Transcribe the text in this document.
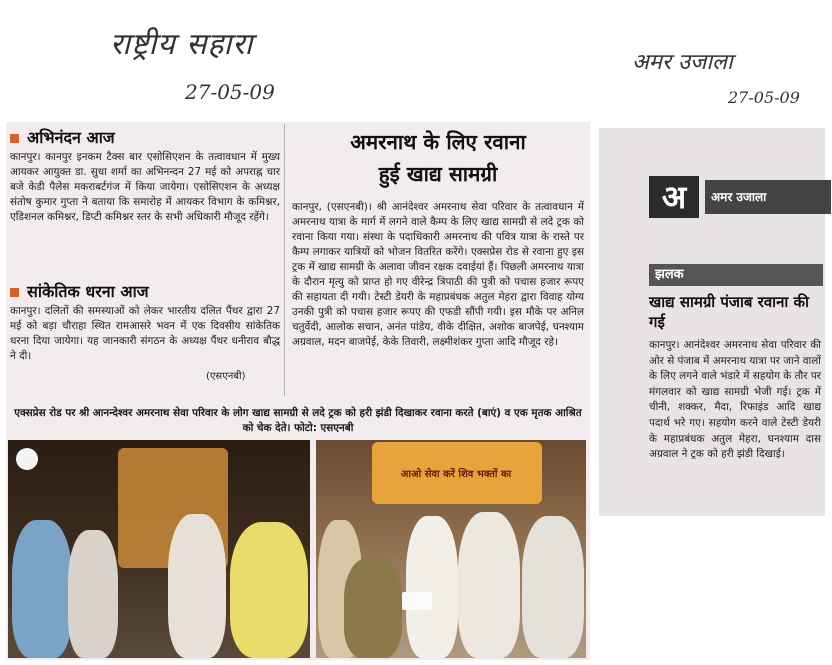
राष्ट्रीय सहारा
27-05-09
अमर उजाला
27-05-09
अभिनंदन आज
कानपुर। कानपुर इनकम टैक्स बार एसोसिएशन के तत्वावधान में मुख्य आयकर आयुक्त डा. सुधा शर्मा का अभिनन्दन 27 मई को अपराह्न चार बजे केडी पैलेस मकराबर्टगंज में किया जायेगा। एसोसिएशन के अध्यक्ष संतोष कुमार गुप्ता ने बताया कि समारोह में आयकर विभाग के कमिश्नर, एडिशनल कमिश्नर, डिप्टी कमिश्नर स्तर के सभी अधिकारी मौजूद रहेंगे।
सांकेतिक धरना आज
कानपुर। दलितों की समस्याओं को लेकर भारतीय दलित पैंथर द्वारा 27 मई को बड़ा चौराहा स्थित रामआसरे भवन में एक दिवसीय सांकेतिक धरना दिया जायेगा। यह जानकारी संगठन के अध्यक्ष पैंथर धनीराव बौद्ध ने दी।
(एसएनबी)
अमरनाथ के लिए रवाना
हुई खाद्य सामग्री
कानपुर, (एसएनबी)। श्री आनंदेश्वर अमरनाथ सेवा परिवार के तत्वावधान में अमरनाथ यात्रा के मार्ग में लगने वाले कैम्प के लिए खाद्य सामग्री से लदे ट्रक को रवाना किया गया। संस्था के पदाधिकारी अमरनाथ की पवित्र यात्रा के रास्ते पर कैम्प लगाकर यात्रियों को भोजन वितरित करेंगे। एक्सप्रेस रोड से रवाना हुए इस ट्रक में खाद्य सामग्री के अलावा जीवन रक्षक दवाईयां हैं। पिछली अमरनाथ यात्रा के दौरान मृत्यु को प्राप्त हो गए वीरेन्द्र त्रिपाठी की पुत्री को पचास हजार रूपए की सहायता दी गयी। टेस्टी डेयरी के महाप्रबंधक अतुल मेहरा द्वारा विवाह योग्य उनकी पुत्री को पचास हजार रूपए की एफडी सौंपी गयी। इस मौके पर अनिल चतुर्वेदी, आलोक सचान, अनंत पांडेय, वीके दीक्षित, अशोक बाजपेई, घनश्याम अग्रवाल, मदन बाजपेई, केके तिवारी, लक्ष्मीशंकर गुप्ता आदि मौजूद रहे।
एक्सप्रेस रोड पर श्री आनन्देश्वर अमरनाथ सेवा परिवार के लोग खाद्य सामग्री से लदे ट्रक को हरी झंडी दिखाकर रवाना करते (बाएं) व एक मृतक आश्रित को चेक देते। फोटो: एसएनबी
आओ सेवा करें शिव भक्तों का
अ	अमर उजाला
झलक
खाद्य सामग्री पंजाब रवाना की गई
कानपुर। आनंदेश्वर अमरनाथ सेवा परिवार की ओर से पंजाब में अमरनाथ यात्रा पर जाने वालों के लिए लगने वाले भंडारे में सहयोग के तौर पर मंगलवार को खाद्य सामग्री भेजी गई। ट्रक में चीनी, शक्कर, मैदा, रिफाइंड आदि खाद्य पदार्थ भरे गए। सहयोग करने वाले टेस्टी डेयरी के महाप्रबंधक अतुल मेहरा, घनश्याम दास अग्रवाल ने ट्रक को हरी झंडी दिखाई।
